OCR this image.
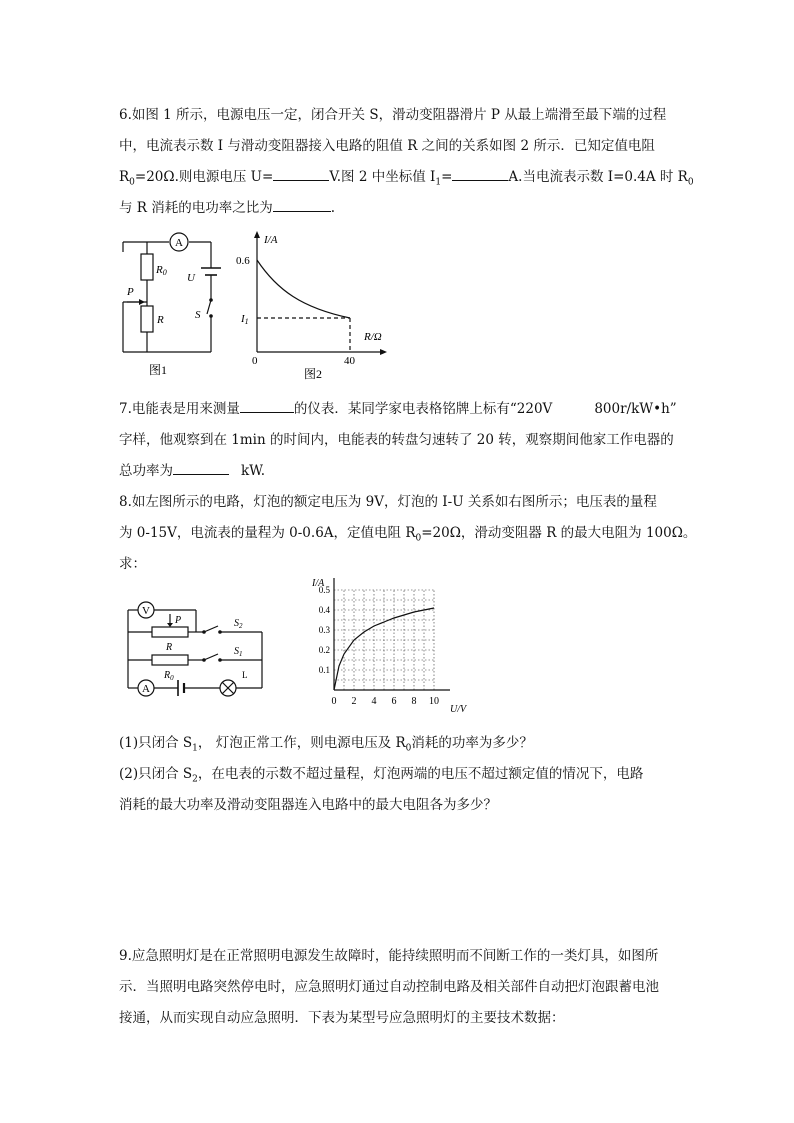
6.如图 1 所示，电源电压一定，闭合开关 S，滑动变阻器滑片 P 从最上端滑至最下端的过程
中，电流表示数 I 与滑动变阻器接入电路的阻值 R 之间的关系如图 2 所示．已知定值电阻
$R_0=20\Omega$.则电源电压 U=	V.图 2 中坐标值 $I_1=$	A.当电流表示数 I=0.4A 时 $R_0$
与 R 消耗的电功率之比为	.
A
R0 U
P
R	S
图1
I/A
R/Ω
0.6
I1
0	40
图2
7.电能表是用来测量	的仪表．某同学家电表格铭牌上标有“220V	800r/kW•h”
字样，他观察到在 1min 的时间内，电能表的转盘匀速转了 20 转，观察期间他家工作电器的
总功率为	kW.
8.如左图所示的电路，灯泡的额定电压为 9V，灯泡的 I-U 关系如右图所示；电压表的量程
为 0-15V，电流表的量程为 0-0.6A，定值电阻 $R_0=20\Omega$，滑动变阻器 R 的最大电阻为 100Ω。
求：
V
A
P
R
$S_2$
$S_1$
$R_0$	L
I/A
U/V
0 2 4 6 8 10
0.1
0.2
0.3
0.4
0.5
(1)只闭合 $S_1$， 灯泡正常工作，则电源电压及 $R_0$消耗的功率为多少？
(2)只闭合 $S_2$，在电表的示数不超过量程，灯泡两端的电压不超过额定值的情况下，电路
消耗的最大功率及滑动变阻器连入电路中的最大电阻各为多少？
9.应急照明灯是在正常照明电源发生故障时，能持续照明而不间断工作的一类灯具，如图所
示．当照明电路突然停电时，应急照明灯通过自动控制电路及相关部件自动把灯泡跟蓄电池
接通，从而实现自动应急照明．下表为某型号应急照明灯的主要技术数据：
